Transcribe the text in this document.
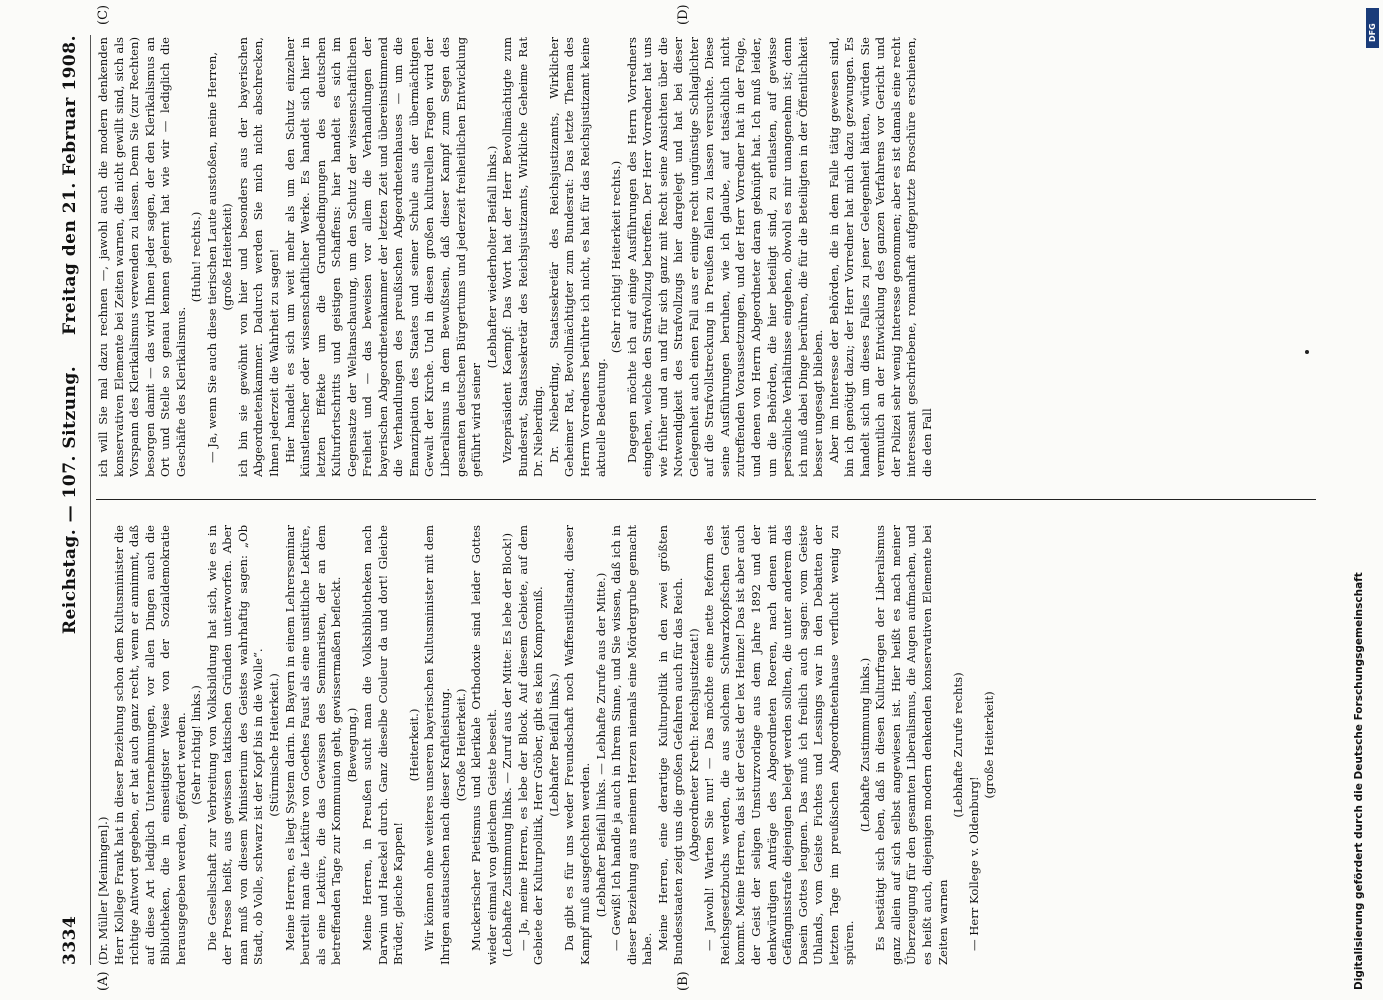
3334
Reichstag. — 107. Sitzung.
Freitag den 21. Februar 1908.
(A)	(B)
(C)	(D)

(Dr. Müller [Meiningen].) Herr Kollege Frank hat in dieser Beziehung schon dem Kultusminister die richtige Antwort gegeben, er hat auch ganz recht, wenn er annimmt, daß auf diese Art lediglich Unternehmungen, vor allen Dingen auch die Bibliotheken, die in einseitigster Weise von der Sozialdemokratie herausgegeben werden, gefördert werden. (Sehr richtig! links.) Die Gesellschaft zur Verbreitung von Volksbildung hat sich, wie es in der Presse heißt, aus gewissen taktischen Gründen unterworfen. Aber man muß von diesem Ministerium des Geistes wahrhaftig sagen: „Ob Stadt, ob Volle, schwarz ist der Kopf bis in die Wolle“. (Stürmische Heiterkeit.) Meine Herren, es liegt System darin. In Bayern in einem Lehrerseminar beurteilt man die Lektüre von Goethes Faust als eine unsittliche Lektüre, als eine Lektüre, die das Gewissen des Seminaristen, der an dem betreffenden Tage zur Kommunion geht, gewissermaßen befleckt. (Bewegung.) Meine Herren, in Preußen sucht man die Volksbibliotheken nach Darwin und Haeckel durch. Ganz dieselbe Couleur da und dort! Gleiche Brüder, gleiche Kappen!

(Heiterkeit.) Wir können ohne weiteres unseren bayerischen Kultusminister mit dem Ihrigen austauschen nach dieser Kraftleistung. (Große Heiterkeit.) Muckerischer Pietismus und klerikale Orthodoxie sind leider Gottes wieder einmal von gleichem Geiste beseelt. (Lebhafte Zustimmung links. — Zuruf aus der Mitte: Es lebe der Block!) — Ja, meine Herren, es lebe der Block. Auf diesem Gebiete, auf dem Gebiete der Kulturpolitik, Herr Gröber, gibt es kein Kompromiß. (Lebhafter Beifall links.) Da gibt es für uns weder Freundschaft noch Waffenstillstand; dieser Kampf muß ausgefochten werden. (Lebhafter Beifall links. — Lebhafte Zurufe aus der Mitte.) — Gewiß! Ich handle ja auch in Ihrem Sinne, und Sie wissen, daß ich in dieser Beziehung aus meinem Herzen niemals eine Mördergrube gemacht habe. Meine Herren, eine derartige Kulturpolitik in den zwei größten Bundesstaaten zeigt uns die großen Gefahren auch für das Reich. (Abgeordneter Kreth: Reichsjustizetat!) — Jawohl! Warten Sie nur! — Das möchte eine nette Reform des Reichsgesetzbuchs werden, die aus solchem Schwarzkopfschen Geist kommt. Meine Herren, das ist der Geist der lex Heinze! Das ist aber auch der Geist der seligen Umsturzvorlage aus dem Jahre 1892 und der denkwürdigen Anträge des Abgeordneten Roeren, nach denen mit Gefängnisstrafe diejenigen belegt werden sollten, die unter anderem das Dasein Gottes leugnen. Das muß ich freilich auch sagen: vom Geiste Uhlands, vom Geiste Fichtes und Lessings war in den Debatten der letzten Tage im preußischen Abgeordnetenhause verflucht wenig zu spüren.

(Lebhafte Zustimmung links.) Es bestätigt sich eben, daß in diesen Kulturfragen der Liberalismus ganz allein auf sich selbst angewiesen ist. Hier heißt es nach meiner Überzeugung für den gesamten Liberalismus, die Augen aufmachen, und es heißt auch, diejenigen modern denkenden konservativen Elemente bei Zeiten warnen

(Lebhafte Zurufe rechts)

— Herr Kollege v. Oldenburg!

(große Heiterkeit)

ich will Sie mal dazu rechnen —, jawohl auch die modern denkenden konservativen Elemente bei Zeiten warnen, die nicht gewillt sind, sich als Vorspann des Klerikalismus verwenden zu lassen. Denn Sie (zur Rechten) besorgen damit — das wird Ihnen jeder sagen, der den Klerikalismus an Ort und Stelle so genau kennen gelernt hat wie wir — lediglich die Geschäfte des Klerikalismus.

(Huhu! rechts.) — Ja, wenn Sie auch diese tierischen Laute ausstoßen, meine Herren, (große Heiterkeit) ich bin sie gewöhnt von hier und besonders aus der bayerischen Abgeordnetenkammer. Dadurch werden Sie mich nicht abschrecken, Ihnen jederzeit die Wahrheit zu sagen! Hier handelt es sich um weit mehr als um den Schutz einzelner künstlerischer oder wissenschaftlicher Werke. Es handelt sich hier in letzten Effekte um die Grundbedingungen des deutschen Kulturfortschritts und geistigen Schaffens: hier handelt es sich im Gegensatze der Weltanschauung, um den Schutz der wissenschaftlichen Freiheit und — das beweisen vor allem die Verhandlungen der bayerischen Abgeordnetenkammer der letzten Zeit und übereinstimmend die Verhandlungen des preußischen Abgeordnetenhauses — um die Emanzipation des Staates und seiner Schule aus der übermächtigen Gewalt der Kirche. Und in diesen großen kulturellen Fragen wird der Liberalismus in dem Bewußtsein, daß dieser Kampf zum Segen des gesamten deutschen Bürgertums und jederzeit freiheitlichen Entwicklung geführt wird seiner

(Lebhafter wiederholter Beifall links.) Vizepräsident Kaempf: Das Wort hat der Herr Bevollmächtigte zum Bundesrat, Staatssekretär des Reichsjustizamts, Wirkliche Geheime Rat Dr. Nieberding. Dr. Nieberding, Staatssekretär des Reichsjustizamts, Wirklicher Geheimer Rat, Bevollmächtigter zum Bundesrat: Das letzte Thema des Herrn Vorredners berührte ich nicht, es hat für das Reichsjustizamt keine aktuelle Bedeutung.

(Sehr richtig! Heiterkeit rechts.) Dagegen möchte ich auf einige Ausführungen des Herrn Vorredners eingehen, welche den Strafvollzug betreffen. Der Herr Vorredner hat uns wie früher und an und für sich ganz mit Recht seine Ansichten über die Notwendigkeit des Strafvollzugs hier dargelegt und hat bei dieser Gelegenheit auch einen Fall aus er einige recht ungünstige Schlaglichter auf die Strafvollstreckung in Preußen fallen zu lassen versuchte. Diese seine Ausführungen beruhen, wie ich glaube, auf tatsächlich nicht zutreffenden Voraussetzungen, und der Herr Vorredner hat in der Folge, und denen von Herrn Abgeordneter daran geknüpft hat. Ich muß leider, um die Behörden, die hier beteiligt sind, zu entlasten, auf gewisse persönliche Verhältnisse eingehen, obwohl es mir unangenehm ist; denn ich muß dabei Dinge berühren, die für die Beteiligten in der Öffentlichkeit besser ungesagt blieben. Aber im Interesse der Behörden, die in dem Falle tätig gewesen sind, bin ich genötigt dazu; der Herr Vorredner hat mich dazu gezwungen. Es handelt sich um dieses Falles zu jener Gelegenheit hätten, würden Sie vermutlich an der Entwicklung des ganzen Verfahrens vor Gericht und der Polizei sehr wenig Interesse genommen; aber es ist damals eine recht interessant geschriebene, romanhaft aufgeputzte Broschüre erschienen, die den Fall

Digitalisierung gefördert durch die Deutsche Forschungsgemeinschaft
DFG
